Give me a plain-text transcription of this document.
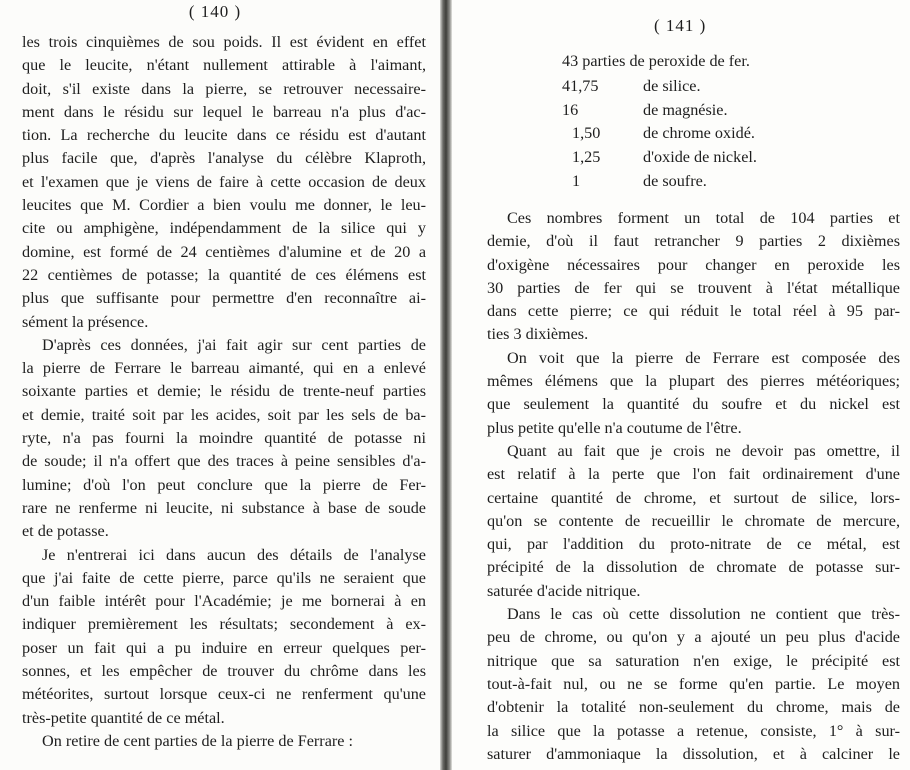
( 140 )
les trois cinquièmes de sou poids. Il est évident en effet
que le leucite, n'étant nullement attirable à l'aimant,
doit, s'il existe dans la pierre, se retrouver necessaire-
ment dans le résidu sur lequel le barreau n'a plus d'ac-
tion. La recherche du leucite dans ce résidu est d'autant
plus facile que, d'après l'analyse du célèbre Klaproth,
et l'examen que je viens de faire à cette occasion de deux
leucites que M. Cordier a bien voulu me donner, le leu-
cite ou amphigène, indépendamment de la silice qui y
domine, est formé de 24 centièmes d'alumine et de 20 a
22 centièmes de potasse; la quantité de ces élémens est
plus que suffisante pour permettre d'en reconnaître ai-
sément la présence.
D'après ces données, j'ai fait agir sur cent parties de
la pierre de Ferrare le barreau aimanté, qui en a enlevé
soixante parties et demie; le résidu de trente-neuf parties
et demie, traité soit par les acides, soit par les sels de ba-
ryte, n'a pas fourni la moindre quantité de potasse ni
de soude; il n'a offert que des traces à peine sensibles d'a-
lumine; d'où l'on peut conclure que la pierre de Fer-
rare ne renferme ni leucite, ni substance à base de soude
et de potasse.
Je n'entrerai ici dans aucun des détails de l'analyse
que j'ai faite de cette pierre, parce qu'ils ne seraient que
d'un faible intérêt pour l'Académie; je me bornerai à en
indiquer premièrement les résultats; secondement à ex-
poser un fait qui a pu induire en erreur quelques per-
sonnes, et les empêcher de trouver du chrôme dans les
météorites, surtout lorsque ceux-ci ne renferment qu'une
très-petite quantité de ce métal.
On retire de cent parties de la pierre de Ferrare :
( 141 )
43 parties de peroxide de fer.
41,75	de silice.
16	de magnésie.
1,50	de chrome oxidé.
1,25	d'oxide de nickel.
1	de soufre.
Ces nombres forment un total de 104 parties et
demie, d'où il faut retrancher 9 parties 2 dixièmes
d'oxigène nécessaires pour changer en peroxide les
30 parties de fer qui se trouvent à l'état métallique
dans cette pierre; ce qui réduit le total réel à 95 par-
ties 3 dixièmes.
On voit que la pierre de Ferrare est composée des
mêmes élémens que la plupart des pierres météoriques;
que seulement la quantité du soufre et du nickel est
plus petite qu'elle n'a coutume de l'être.
Quant au fait que je crois ne devoir pas omettre, il
est relatif à la perte que l'on fait ordinairement d'une
certaine quantité de chrome, et surtout de silice, lors-
qu'on se contente de recueillir le chromate de mercure,
qui, par l'addition du proto-nitrate de ce métal, est
précipité de la dissolution de chromate de potasse sur-
saturée d'acide nitrique.
Dans le cas où cette dissolution ne contient que très-
peu de chrome, ou qu'on y a ajouté un peu plus d'acide
nitrique que sa saturation n'en exige, le précipité est
tout-à-fait nul, ou ne se forme qu'en partie. Le moyen
d'obtenir la totalité non-seulement du chrome, mais de
la silice que la potasse a retenue, consiste, 1° à sur-
saturer d'ammoniaque la dissolution, et à calciner le
